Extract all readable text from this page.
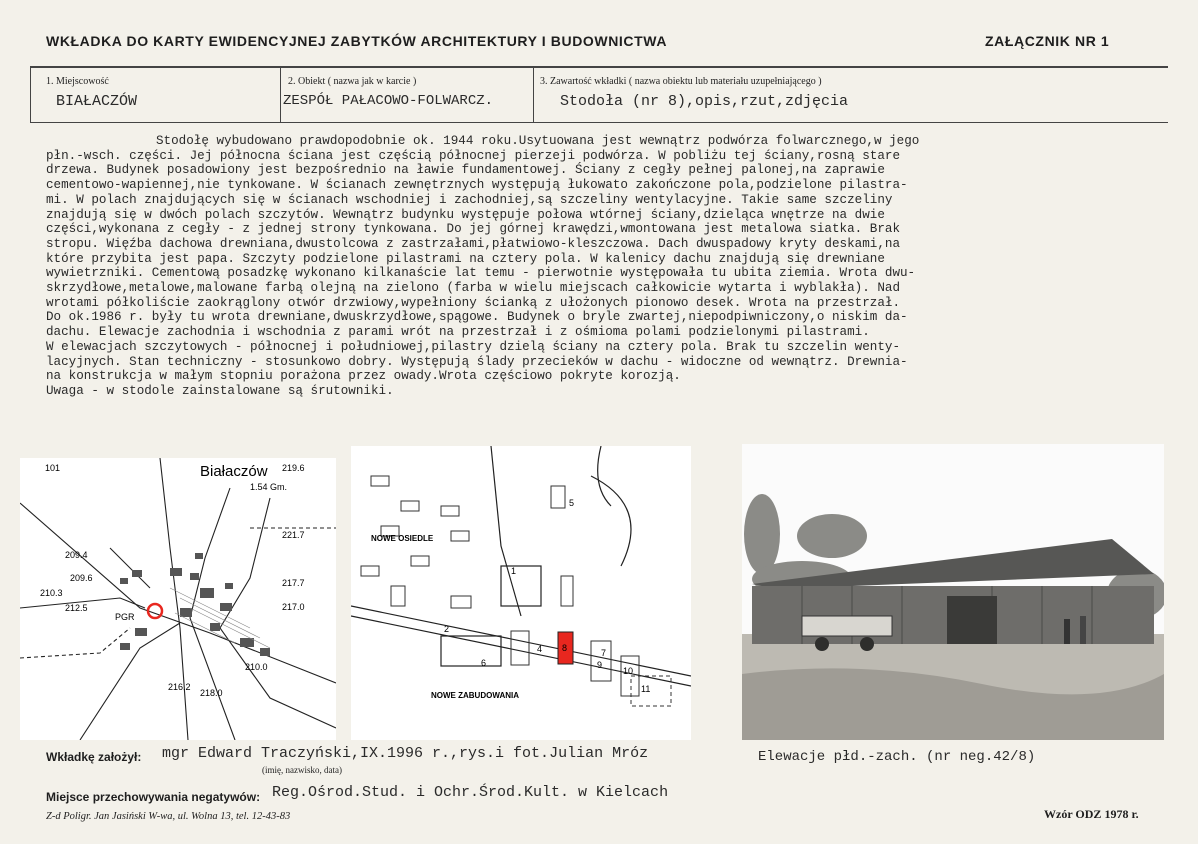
WKŁADKA DO KARTY EWIDENCYJNEJ ZABYTKÓW ARCHITEKTURY I BUDOWNICTWA	ZAŁĄCZNIK NR 1
1. Miejscowość
BIAŁACZÓW
2. Obiekt ( nazwa jak w karcie )
ZESPÓŁ PAŁACOWO-FOLWARCZ.
3. Zawartość wkładki ( nazwa obiektu lub materiału uzupełniającego )
Stodoła (nr 8),opis,rzut,zdjęcia
Stodołę wybudowano prawdopodobnie ok. 1944 roku.Usytuowana jest wewnątrz podwórza folwarcznego,w jego
płn.-wsch. części. Jej północna ściana jest częścią północnej pierzeji podwórza. W pobliżu tej ściany,rosną stare
drzewa. Budynek posadowiony jest bezpośrednio na ławie fundamentowej. Ściany z cegły pełnej palonej,na zaprawie
cementowo-wapiennej,nie tynkowane. W ścianach zewnętrznych występują łukowato zakończone pola,podzielone pilastra-
mi. W polach znajdujących się w ścianach wschodniej i zachodniej,są szczeliny wentylacyjne. Takie same szczeliny
znajdują się w dwóch polach szczytów. Wewnątrz budynku występuje połowa wtórnej ściany,dzieląca wnętrze na dwie
części,wykonana z cegły - z jednej strony tynkowana. Do jej górnej krawędzi,wmontowana jest metalowa siatka. Brak
stropu. Więźba dachowa drewniana,dwustolcowa z zastrzałami,płatwiowo-kleszczowa. Dach dwuspadowy kryty deskami,na
które przybita jest papa. Szczyty podzielone pilastrami na cztery pola. W kalenicy dachu znajdują się drewniane
wywietrzniki. Cementową posadzkę wykonano kilkanaście lat temu - pierwotnie występowała tu ubita ziemia. Wrota dwu-
skrzydłowe,metalowe,malowane farbą olejną na zielono (farba w wielu miejscach całkowicie wytarta i wyblakła). Nad
wrotami półkoliście zaokrąglony otwór drzwiowy,wypełniony ścianką z ułożonych pionowo desek. Wrota na przestrzał.
Do ok.1986 r. były tu wrota drewniane,dwuskrzydłowe,spągowe. Budynek o bryle zwartej,niepodpiwniczony,o niskim da-
dachu. Elewacje zachodnia i wschodnia z parami wrót na przestrzał i z ośmioma polami podzielonymi pilastrami.
W elewacjach szczytowych - północnej i południowej,pilastry dzielą ściany na cztery pola. Brak tu szczelin wenty-
lacyjnych. Stan techniczny - stosunkowo dobry. Występują ślady przecieków w dachu - widoczne od wewnątrz. Drewnia-
na konstrukcja w małym stopniu porażona przez owady.Wrota częściowo pokryte korozją.
Uwaga - w stodole zainstalowane są śrutowniki.
Białaczów
1.54 Gm.
PGR
101	219.6
221.7
209.4
209.6
210.3
212.5
217.7
217.0
210.0
216.2
218.0
NOWE OSIEDLE
NOWE ZABUDOWANIA
1
2
4
5
6
7
8
9
10
11
Elewacje płd.-zach. (nr neg.42/8)
Wkładkę założył: mgr Edward Traczyński,IX.1996 r.,rys.i fot.Julian Mróz
(imię, nazwisko, data)
Miejsce przechowywania negatywów: Reg.Ośrod.Stud. i Ochr.Środ.Kult. w Kielcach
Z-d Poligr. Jan Jasiński W-wa, ul. Wolna 13, tel. 12-43-83	Wzór ODZ 1978 r.
